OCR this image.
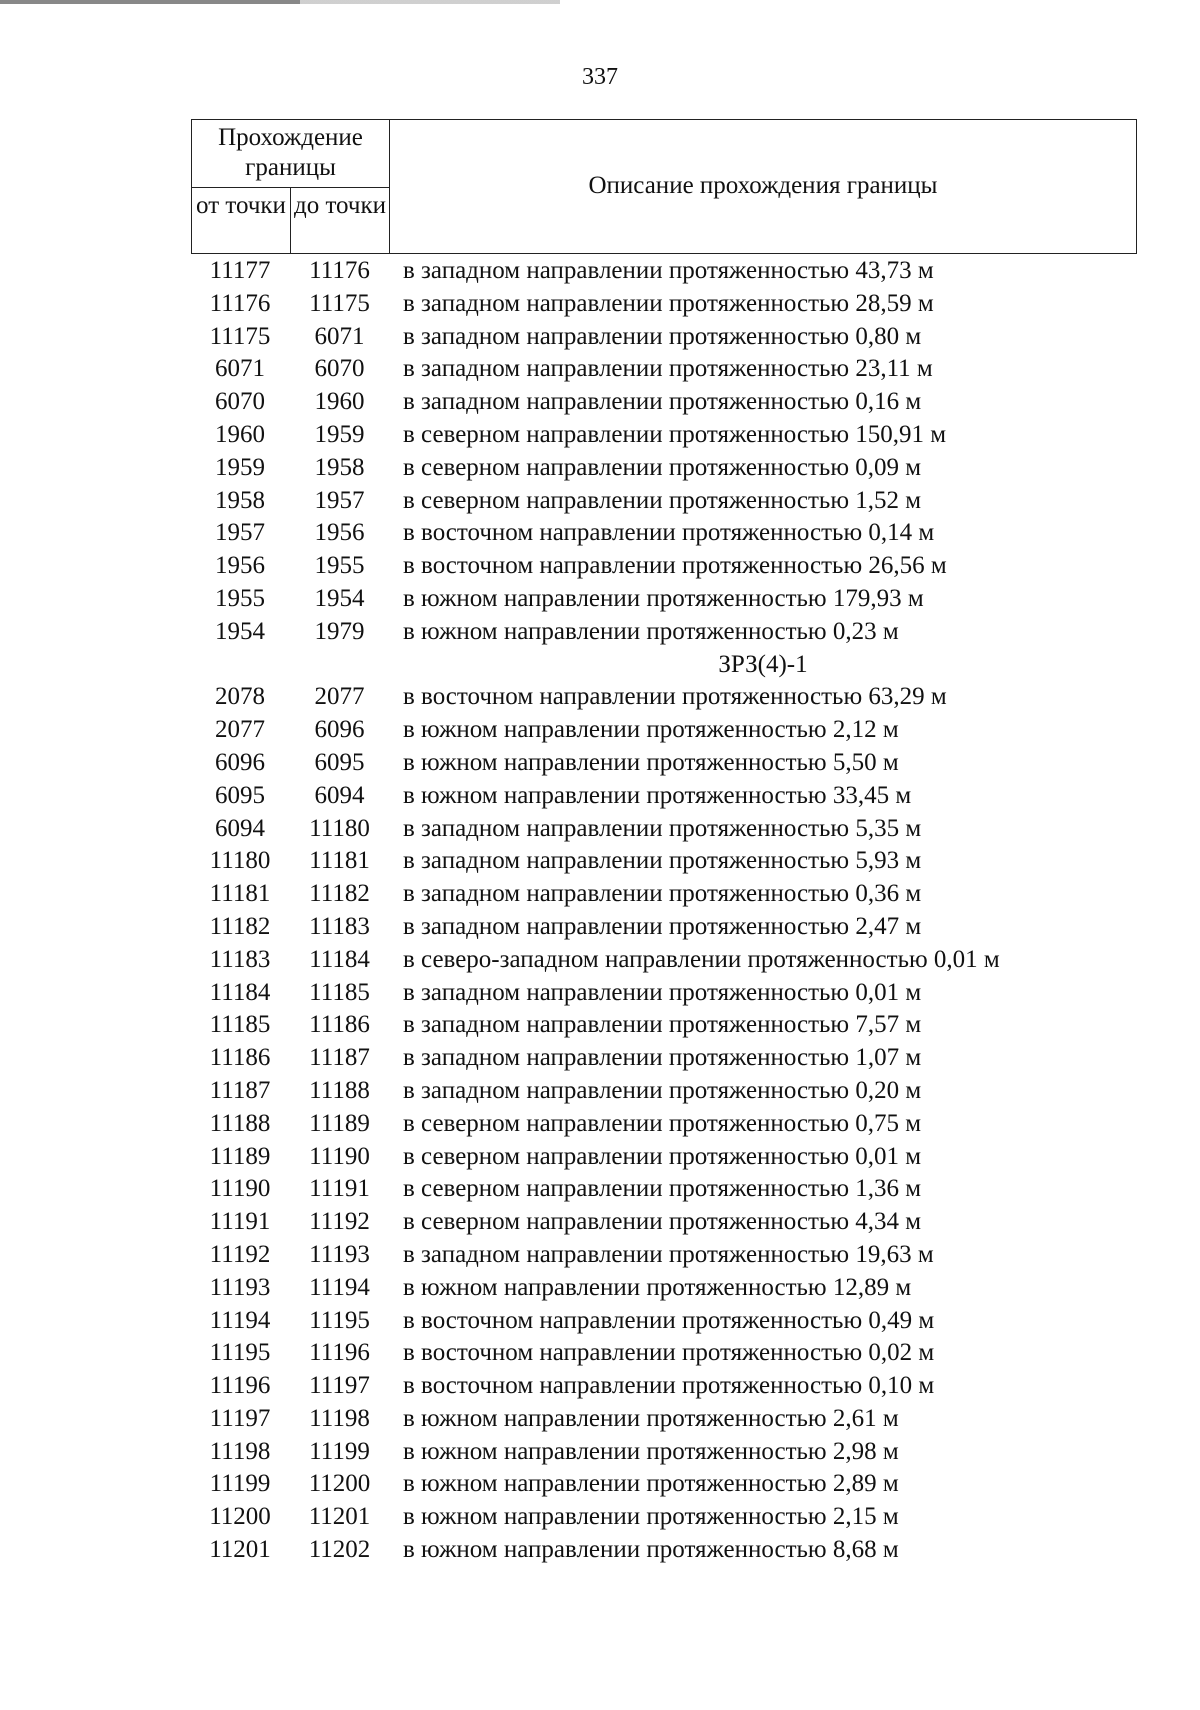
337
Прохождение границы
от точки до точки
Описание прохождения границы
11177	11176	в западном направлении протяженностью 43,73 м
11176	11175	в западном направлении протяженностью 28,59 м
11175	6071	в западном направлении протяженностью 0,80 м
6071	6070	в западном направлении протяженностью 23,11 м
6070	1960	в западном направлении протяженностью 0,16 м
1960	1959	в северном направлении протяженностью 150,91 м
1959	1958	в северном направлении протяженностью 0,09 м
1958	1957	в северном направлении протяженностью 1,52 м
1957	1956	в восточном направлении протяженностью 0,14 м
1956	1955	в восточном направлении протяженностью 26,56 м
1955	1954	в южном направлении протяженностью 179,93 м
1954	1979	в южном направлении протяженностью 0,23 м
ЗРЗ(4)-1
2078	2077	в восточном направлении протяженностью 63,29 м
2077	6096	в южном направлении протяженностью 2,12 м
6096	6095	в южном направлении протяженностью 5,50 м
6095	6094	в южном направлении протяженностью 33,45 м
6094	11180	в западном направлении протяженностью 5,35 м
11180	11181	в западном направлении протяженностью 5,93 м
11181	11182	в западном направлении протяженностью 0,36 м
11182	11183	в западном направлении протяженностью 2,47 м
11183	11184	в северо-западном направлении протяженностью 0,01 м
11184	11185	в западном направлении протяженностью 0,01 м
11185	11186	в западном направлении протяженностью 7,57 м
11186	11187	в западном направлении протяженностью 1,07 м
11187	11188	в западном направлении протяженностью 0,20 м
11188	11189	в северном направлении протяженностью 0,75 м
11189	11190	в северном направлении протяженностью 0,01 м
11190	11191	в северном направлении протяженностью 1,36 м
11191	11192	в северном направлении протяженностью 4,34 м
11192	11193	в западном направлении протяженностью 19,63 м
11193	11194	в южном направлении протяженностью 12,89 м
11194	11195	в восточном направлении протяженностью 0,49 м
11195	11196	в восточном направлении протяженностью 0,02 м
11196	11197	в восточном направлении протяженностью 0,10 м
11197	11198	в южном направлении протяженностью 2,61 м
11198	11199	в южном направлении протяженностью 2,98 м
11199	11200	в южном направлении протяженностью 2,89 м
11200	11201	в южном направлении протяженностью 2,15 м
11201	11202	в южном направлении протяженностью 8,68 м
